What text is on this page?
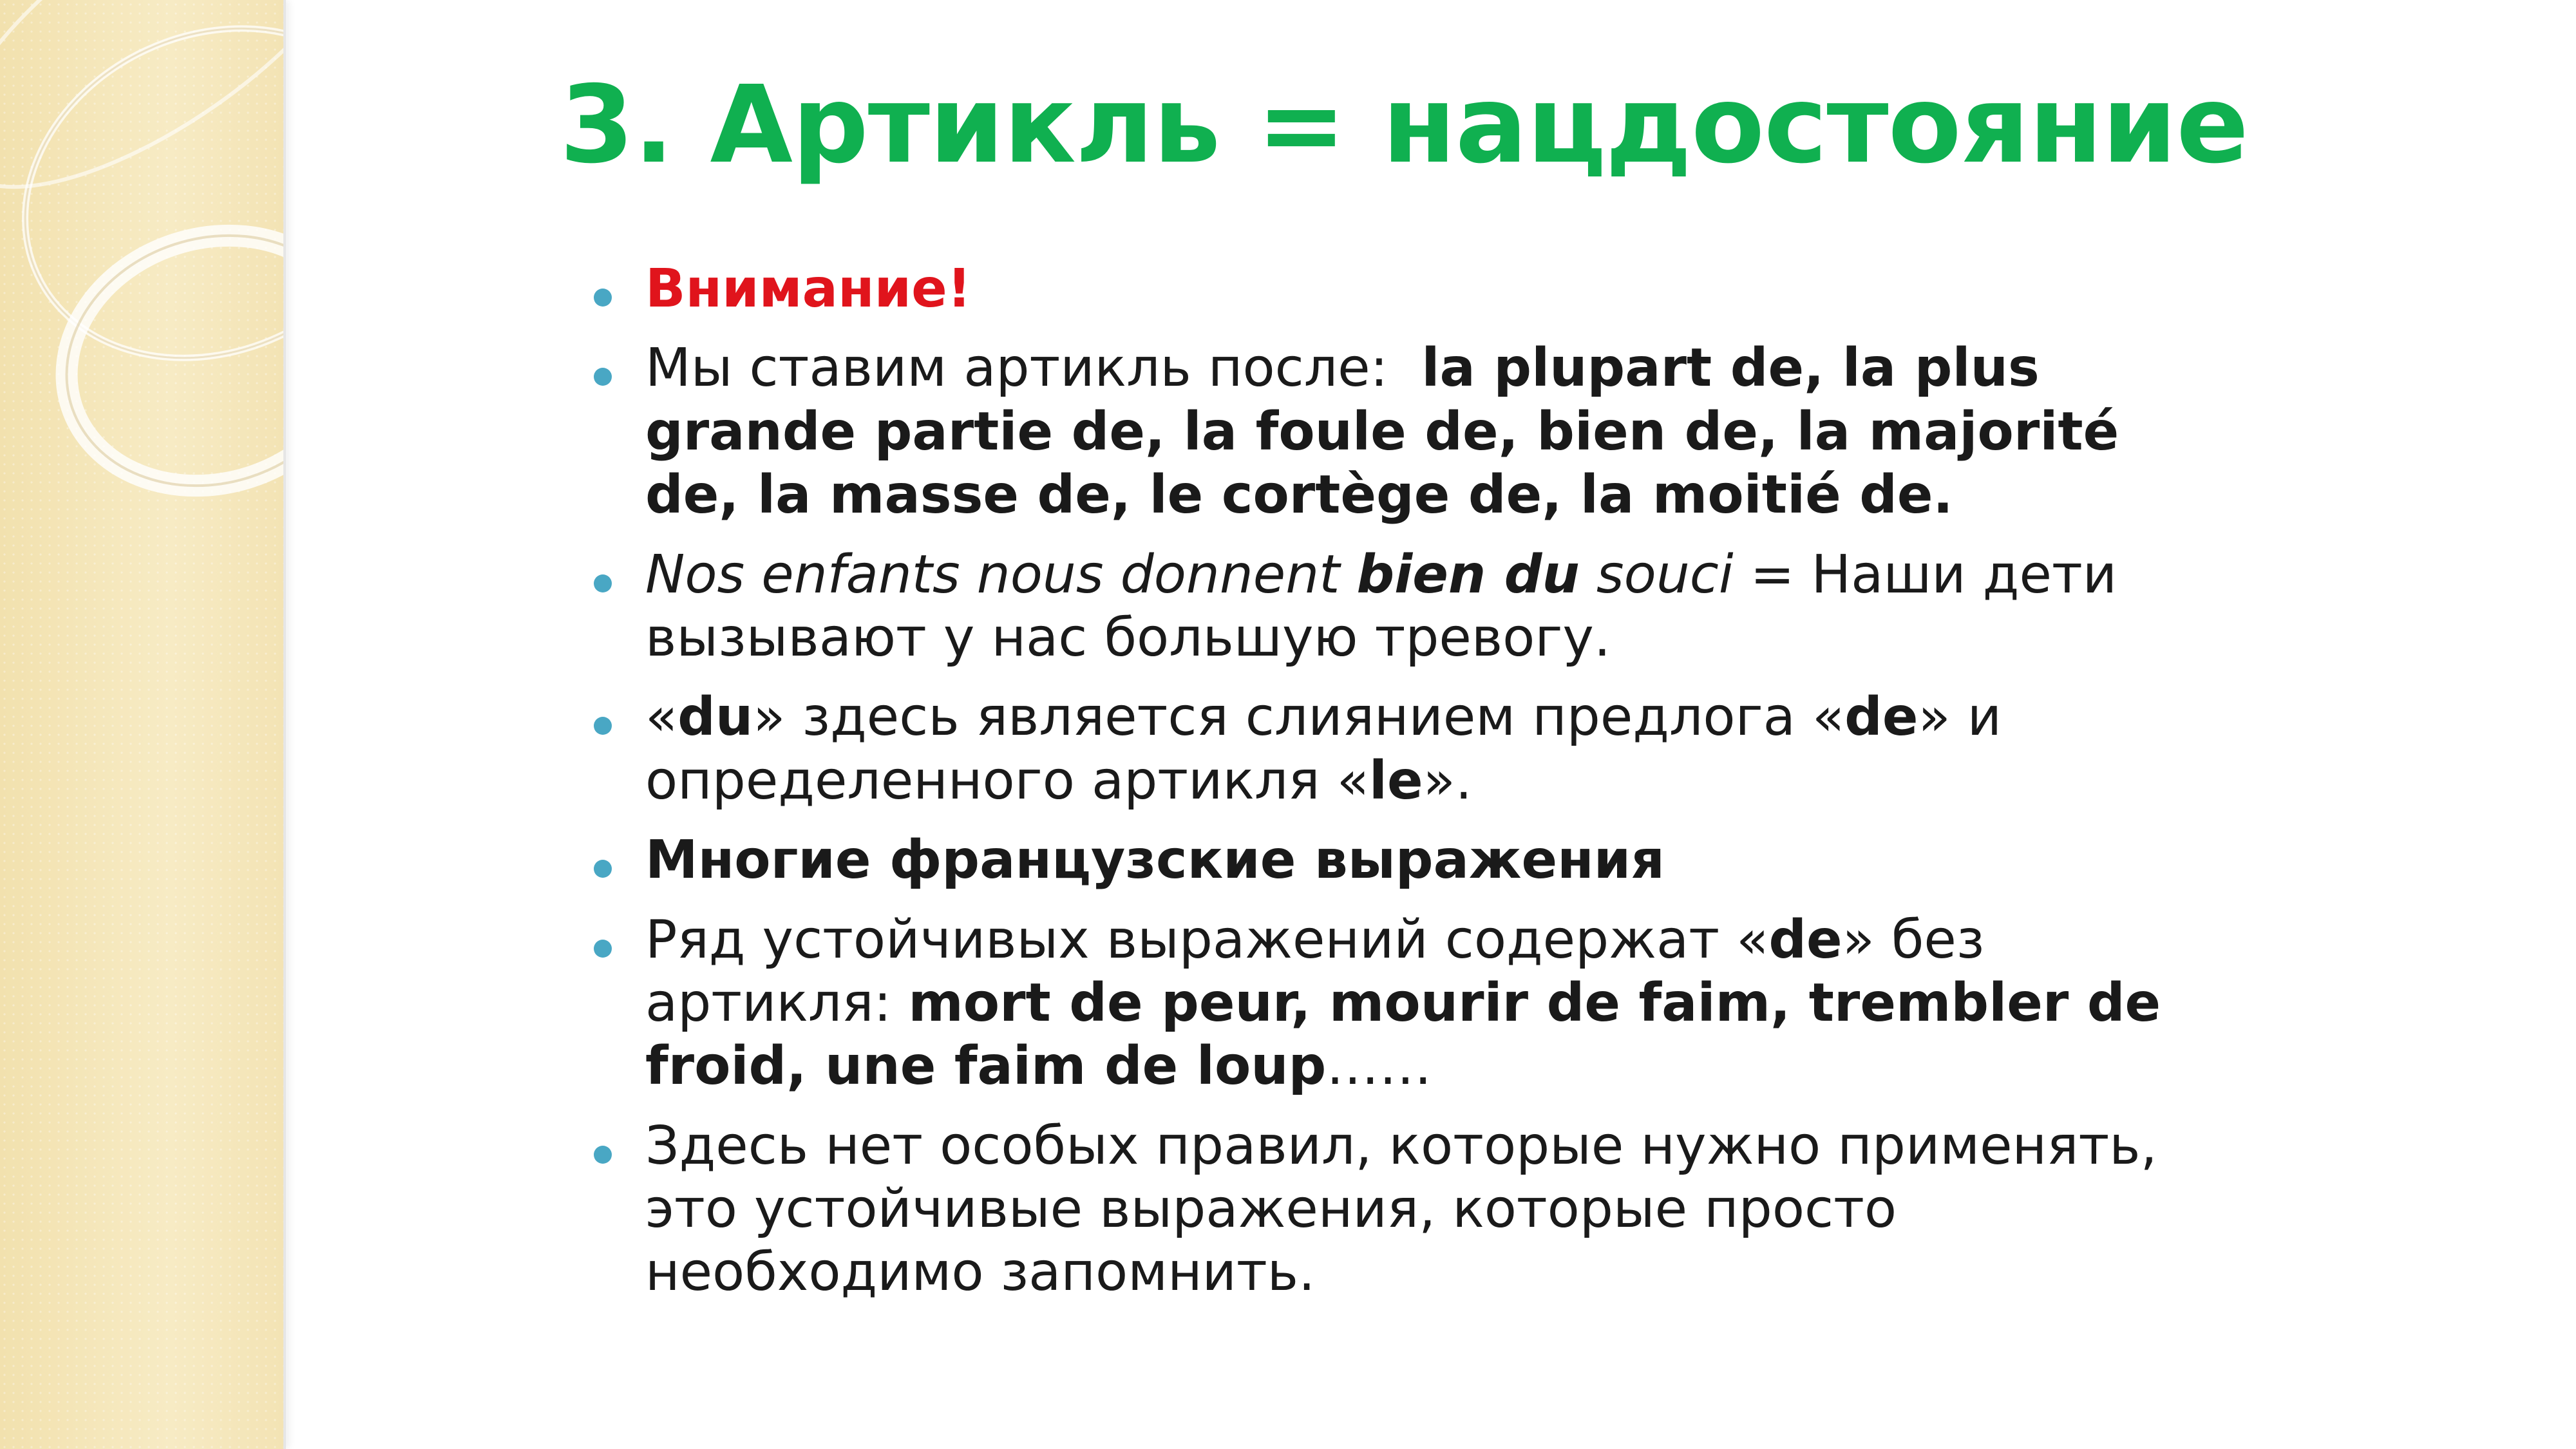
3. Артикль = нацдостояние
Внимание!
Мы ставим артикль после:  la plupart de, la plus grande partie de, la foule de, bien de, la majorité de, la masse de, le cortège de, la moitié de.
Nos enfants nous donnent bien du souci = Наши дети вызывают у нас большую тревогу.
«du» здесь является слиянием предлога «de» и определенного артикля «le».
Многие французские выражения
Ряд устойчивых выражений содержат «de» без артикля: mort de peur, mourir de faim, trembler de froid, une faim de loup……
Здесь нет особых правил, которые нужно применять, это устойчивые выражения, которые просто необходимо запомнить.
